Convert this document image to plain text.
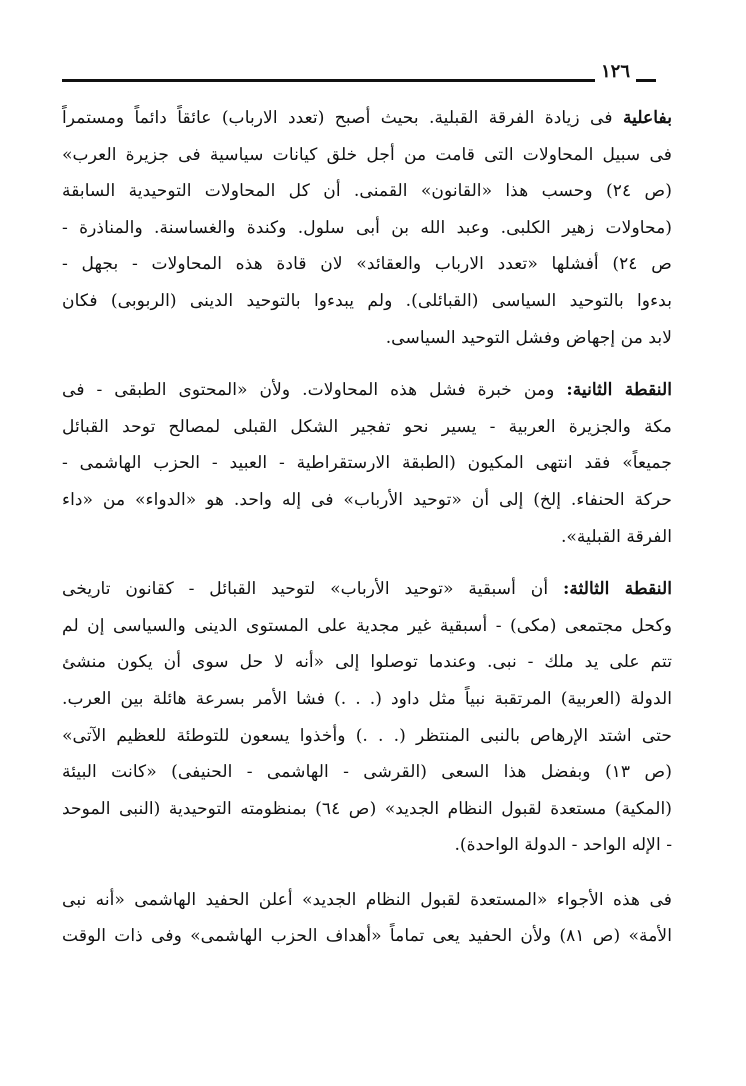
١٢٦
بفاعلية فى زيادة الفرقة القبلية. بحيث أصبح (تعدد الارباب) عائقاً دائماً ومستمراً
فى سبيل المحاولات التى قامت من أجل خلق كيانات سياسية فى جزيرة العرب»
(ص ٢٤) وحسب هذا «القانون» القمنى. أن كل المحاولات التوحيدية السابقة
(محاولات زهير الكلبى. وعبد الله بن أبى سلول. وكندة والغساسنة. والمناذرة -
ص ٢٤) أفشلها «تعدد الارباب والعقائد» لان قادة هذه المحاولات - بجهل -
بدءوا بالتوحيد السياسى (القبائلى). ولم يبدءوا بالتوحيد الدينى (الربوبى) فكان
لابد من إجهاض وفشل التوحيد السياسى.
النقطة الثانية: ومن خبرة فشل هذه المحاولات. ولأن «المحتوى الطبقى - فى
مكة والجزيرة العربية - يسير نحو تفجير الشكل القبلى لمصالح توحد القبائل
جميعاً» فقد انتهى المكيون (الطبقة الارستقراطية - العبيد - الحزب الهاشمى -
حركة الحنفاء. إلخ) إلى أن «توحيد الأرباب» فى إله واحد. هو «الدواء» من «داء
الفرقة القبلية».
النقطة الثالثة: أن أسبقية «توحيد الأرباب» لتوحيد القبائل - كقانون تاريخى
وكحل مجتمعى (مكى) - أسبقية غير مجدية على المستوى الدينى والسياسى إن لم
تتم على يد ملك - نبى. وعندما توصلوا إلى «أنه لا حل سوى أن يكون منشئ
الدولة (العربية) المرتقبة نبياً مثل داود (. . .) فشا الأمر بسرعة هائلة بين العرب.
حتى اشتد الإرهاص بالنبى المنتظر (. . .) وأخذوا يسعون للتوطئة للعظيم الآتى»
(ص ١٣) وبفضل هذا السعى (القرشى - الهاشمى - الحنيفى) «كانت البيئة
(المكية) مستعدة لقبول النظام الجديد» (ص ٦٤) بمنظومته التوحيدية (النبى الموحد
- الإله الواحد - الدولة الواحدة).
فى هذه الأجواء «المستعدة لقبول النظام الجديد» أعلن الحفيد الهاشمى «أنه نبى
الأمة» (ص ٨١) ولأن الحفيد يعى تماماً «أهداف الحزب الهاشمى» وفى ذات الوقت
